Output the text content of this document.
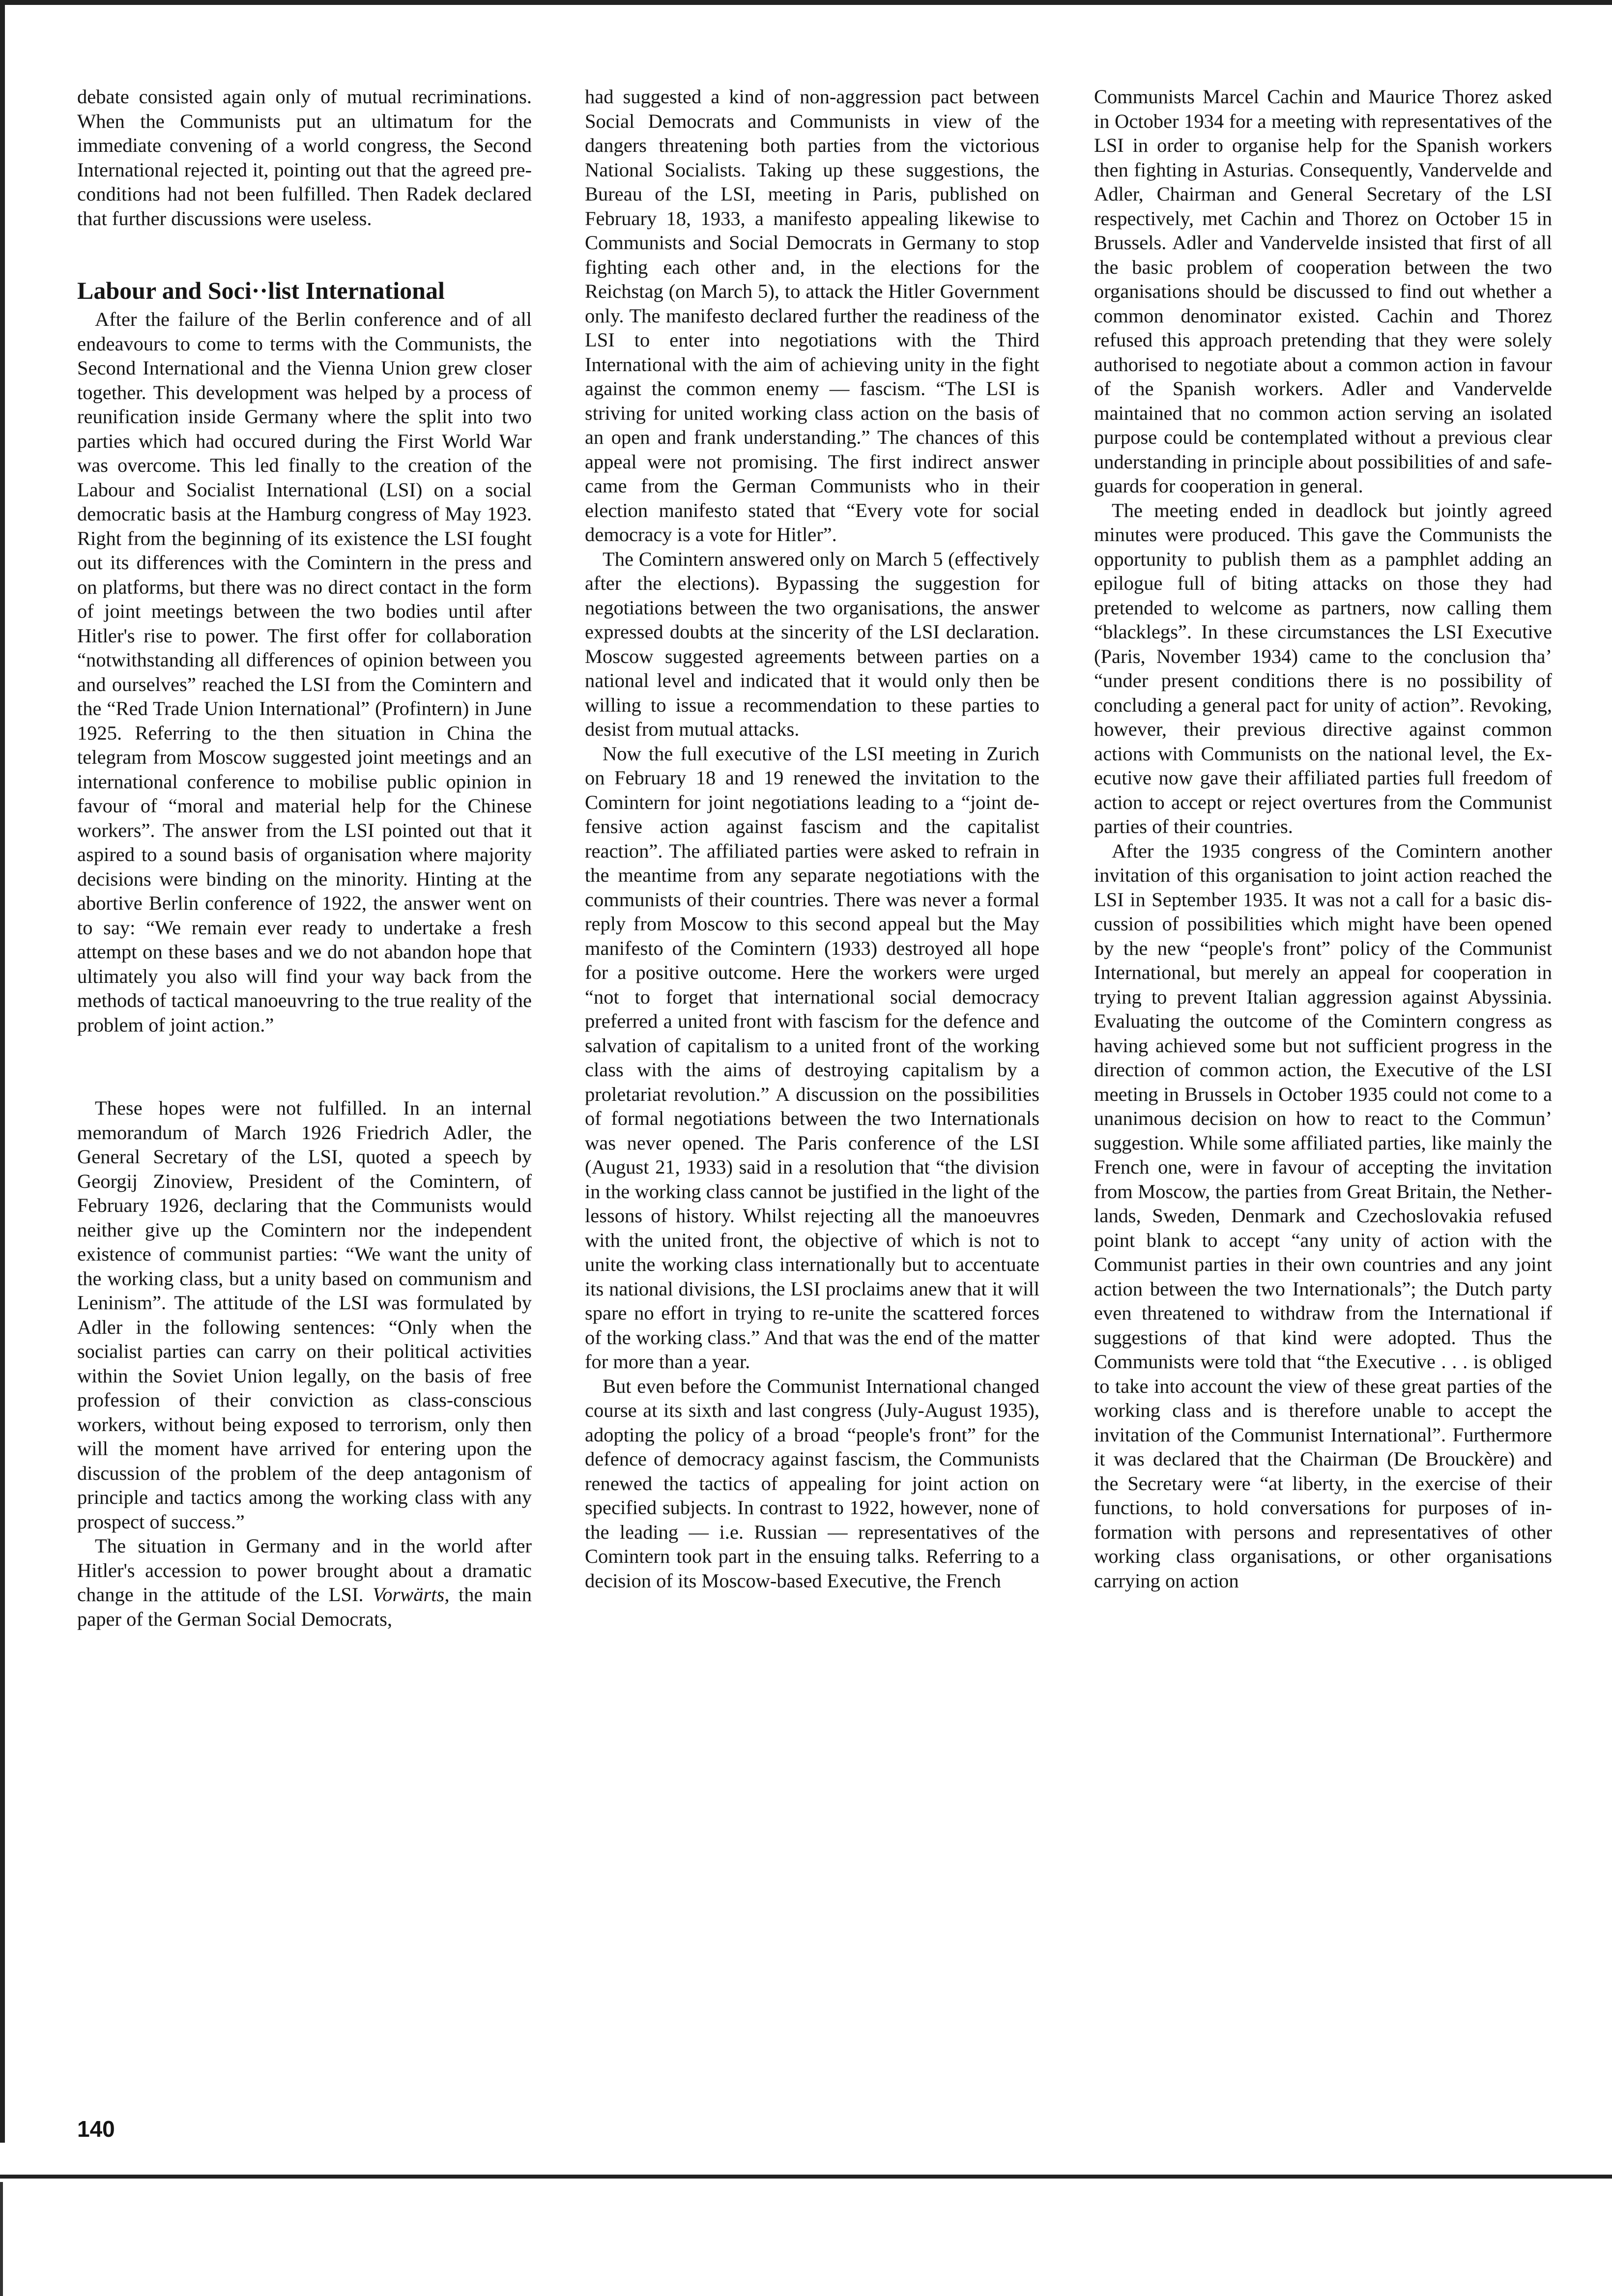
debate consisted again only of mutual recriminations. When the Communists put an ultimatum for the immediate convening of a world congress, the Second International rejected it, pointing out that the agreed pre-conditions had not been fulfilled. Then Radek declared that further discussions were useless.

Labour and Soci··list International

After the failure of the Berlin conference and of all endeavours to come to terms with the Communists, the Second International and the Vienna Union grew closer together. This development was helped by a process of reunification inside Germany where the split into two parties which had occured during the First World War was overcome. This led finally to the creation of the Labour and Socialist International (LSI) on a social democratic basis at the Hamburg congress of May 1923. Right from the beginning of its existence the LSI fought out its differences with the Comintern in the press and on platforms, but there was no direct contact in the form of joint meetings between the two bodies until after Hitler's rise to power. The first offer for collaboration “notwithstanding all differences of opinion between you and ourselves” reached the LSI from the Comintern and the “Red Trade Union International” (Profintern) in June 1925. Referring to the then situation in China the telegram from Moscow suggested joint meetings and an international conference to mobilise public opinion in favour of “moral and material help for the Chinese workers”. The answer from the LSI pointed out that it aspired to a sound basis of organisation where majority decisions were binding on the minority. Hinting at the abortive Berlin conference of 1922, the answer went on to say: “We remain ever ready to undertake a fresh attempt on these bases and we do not abandon hope that ultimately you also will find your way back from the methods of tactical manoeuvring to the true reality of the problem of joint action.”

These hopes were not fulfilled. In an internal memorandum of March 1926 Friedrich Adler, the General Secretary of the LSI, quoted a speech by Georgij Zinoview, President of the Comintern, of February 1926, declaring that the Communists would neither give up the Comintern nor the independent existence of communist parties: “We want the unity of the working class, but a unity based on communism and Leninism”. The attitude of the LSI was formulated by Adler in the following sentences: “Only when the socialist parties can carry on their political activities within the Soviet Union legally, on the basis of free profession of their conviction as class-conscious workers, without being exposed to terrorism, only then will the moment have arrived for entering upon the discussion of the problem of the deep antagonism of principle and tactics among the working class with any prospect of success.”

The situation in Germany and in the world after Hitler's accession to power brought about a dramatic change in the attitude of the LSI. Vorwärts, the main paper of the German Social Democrats,

had suggested a kind of non-aggression pact between Social Democrats and Communists in view of the dangers threatening both parties from the victorious National Socialists. Taking up these suggestions, the Bureau of the LSI, meeting in Paris, published on February 18, 1933, a manifesto appealing likewise to Communists and Social Democrats in Germany to stop fighting each other and, in the elections for the Reichstag (on March 5), to attack the Hitler Government only. The manifesto declared further the readiness of the LSI to enter into negotiations with the Third International with the aim of achieving unity in the fight against the common enemy — fascism. “The LSI is striving for united working class action on the basis of an open and frank understanding.” The chances of this appeal were not promising. The first indirect answer came from the German Communists who in their election manifesto stated that “Every vote for social democracy is a vote for Hitler”.

The Comintern answered only on March 5 (effectively after the elections). Bypassing the suggestion for negotiations between the two organisations, the answer expressed doubts at the sincerity of the LSI declaration. Moscow suggested agreements between parties on a national level and indicated that it would only then be willing to issue a recommendation to these parties to desist from mutual attacks.

Now the full executive of the LSI meeting in Zurich on February 18 and 19 renewed the invitation to the Comintern for joint negotiations leading to a “joint defensive action against fascism and the capitalist reaction”. The affiliated parties were asked to refrain in the meantime from any separate negotiations with the communists of their countries. There was never a formal reply from Moscow to this second appeal but the May manifesto of the Comintern (1933) destroyed all hope for a positive outcome. Here the workers were urged “not to forget that international social democracy preferred a united front with fascism for the defence and salvation of capitalism to a united front of the working class with the aims of destroying capitalism by a proletariat revolution.” A discussion on the possibilities of formal negotiations between the two Internationals was never opened. The Paris conference of the LSI (August 21, 1933) said in a resolution that “the division in the working class cannot be justified in the light of the lessons of history. Whilst rejecting all the manoeuvres with the united front, the objective of which is not to unite the working class internationally but to accentuate its national divisions, the LSI proclaims anew that it will spare no effort in trying to re-unite the scattered forces of the working class.” And that was the end of the matter for more than a year.

But even before the Communist International changed course at its sixth and last congress (July-August 1935), adopting the policy of a broad “people's front” for the defence of democracy against fascism, the Communists renewed the tactics of appealing for joint action on specified subjects. In contrast to 1922, however, none of the leading — i.e. Russian — representatives of the Comintern took part in the ensuing talks. Referring to a decision of its Moscow-based Executive, the French

Communists Marcel Cachin and Maurice Thorez asked in October 1934 for a meeting with representatives of the LSI in order to organise help for the Spanish workers then fighting in Asturias. Consequently, Vandervelde and Adler, Chairman and General Secretary of the LSI respectively, met Cachin and Thorez on October 15 in Brussels. Adler and Vandervelde insisted that first of all the basic problem of cooperation between the two organisations should be discussed to find out whether a common denominator existed. Cachin and Thorez refused this approach pretending that they were solely authorised to negotiate about a common action in favour of the Spanish workers. Adler and Vandervelde maintained that no common action serving an isolated purpose could be contemplated without a previous clear understanding in principle about possibilities of and safeguards for cooperation in general.

The meeting ended in deadlock but jointly agreed minutes were produced. This gave the Communists the opportunity to publish them as a pamphlet adding an epilogue full of biting attacks on those they had pretended to welcome as partners, now calling them “blacklegs”. In these circumstances the LSI Executive (Paris, November 1934) came to the conclusion tha’ “under present conditions there is no possibility of concluding a general pact for unity of action”. Revoking, however, their previous directive against common actions with Communists on the national level, the Executive now gave their affiliated parties full freedom of action to accept or reject overtures from the Communist parties of their countries.

After the 1935 congress of the Comintern another invitation of this organisation to joint action reached the LSI in September 1935. It was not a call for a basic discussion of possibilities which might have been opened by the new “people's front” policy of the Communist International, but merely an appeal for cooperation in trying to prevent Italian aggression against Abyssinia. Evaluating the outcome of the Comintern congress as having achieved some but not sufficient progress in the direction of common action, the Executive of the LSI meeting in Brussels in October 1935 could not come to a unanimous decision on how to react to the Commun’ suggestion. While some affiliated parties, like mainly the French one, were in favour of accepting the invitation from Moscow, the parties from Great Britain, the Netherlands, Sweden, Denmark and Czechoslovakia refused point blank to accept “any unity of action with the Communist parties in their own countries and any joint action between the two Internationals”; the Dutch party even threatened to withdraw from the International if suggestions of that kind were adopted. Thus the Communists were told that “the Executive . . . is obliged to take into account the view of these great parties of the working class and is therefore unable to accept the invitation of the Communist International”. Furthermore it was declared that the Chairman (De Brouckère) and the Secretary were “at liberty, in the exercise of their functions, to hold conversations for purposes of information with persons and representatives of other working class organisations, or other organisations carrying on action

140
